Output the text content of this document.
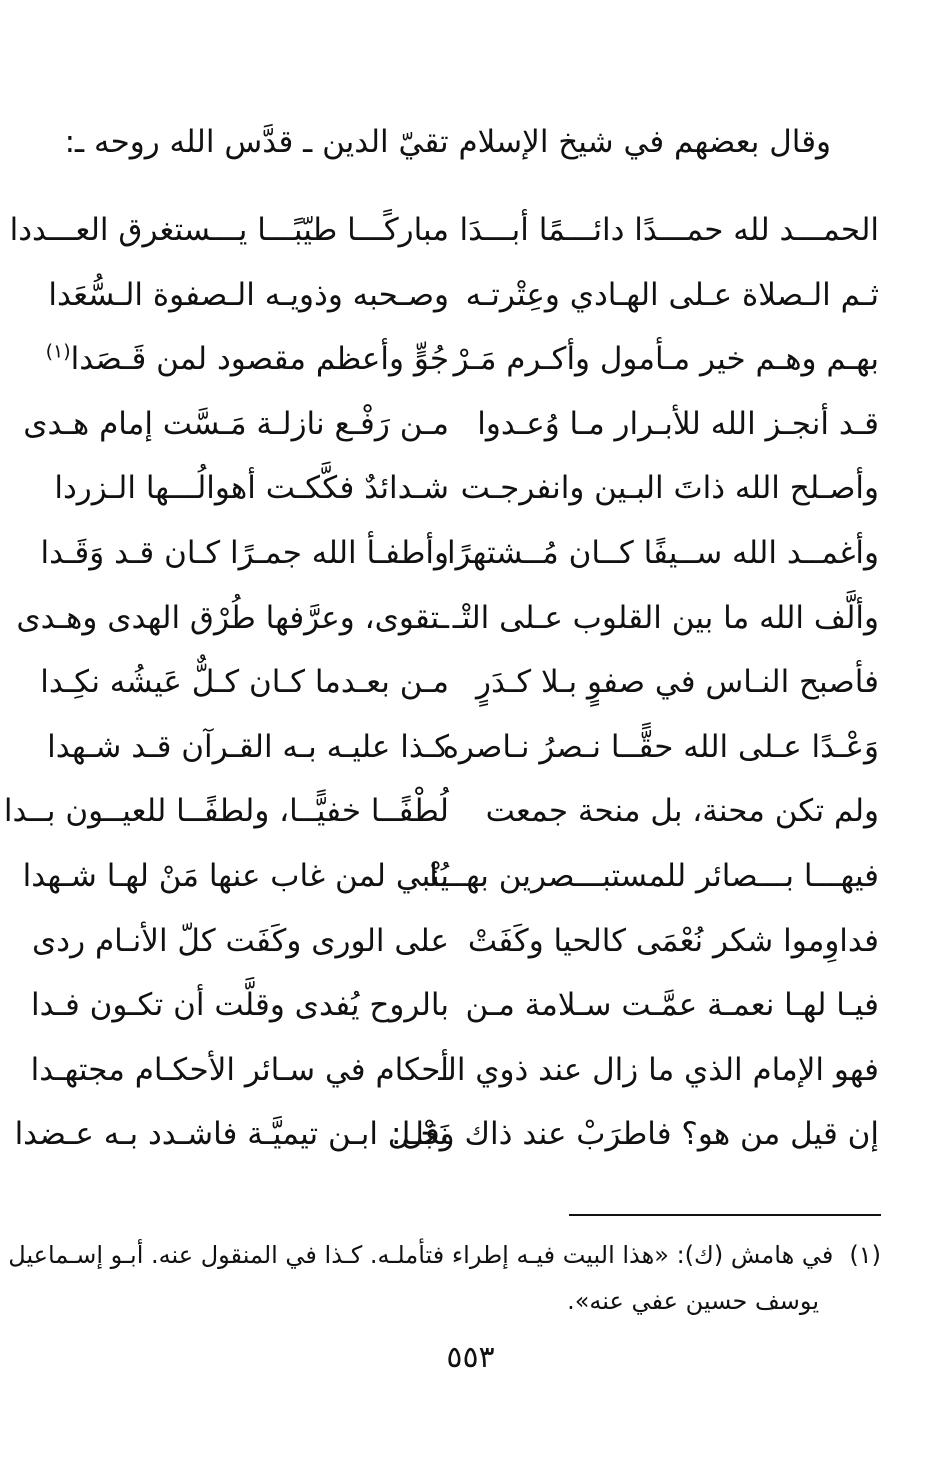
وقال بعضهم في شيخ الإسلام تقيّ الدين ـ قدَّس الله روحه ـ:
الحمـــد لله حمـــدًا دائـــمًا أبـــدَا
مباركًـــا طيّبًـــا يـــستغرق العـــددا
ثـم الـصلاة عـلى الهـادي وعِتْرتـه
وصـحبه وذويـه الـصفوة الـسُّعَدا
بهـم وهـم خير مـأمول وأكـرم مَـرْ
جُوٍّ وأعظم مقصود لمن قَـصَدا$^{(١)}$
قـد أنجـز الله للأبـرار مـا وُعـدوا
مـن رَفْـع نازلـة مَـسَّت إمام هـدى
وأصـلح الله ذاتَ البـين وانفرجـت
شـدائدٌ فكَّكـت أهوالُـــها الـزردا
وأغمــد الله ســيفًا كــان مُــشتهرًا
وأطفـأ الله جمـرًا كـان قـد وَقَـدا
وألَّف الله ما بين القلوب عـلى التْـ
ـتقوى، وعرَّفها طُرْق الهدى وهـدى
فأصبح النـاس في صفوٍ بـلا كـدَرٍ
مـن بعـدما كـان كـلٌّ عَيشُه نكِـدا
وَعْـدًا عـلى الله حقًّــا نـصرُ نـاصره
كـذا عليـه بـه القـرآن قـد شـهدا
ولم تكن محنة، بل منحة جمعت
لُطْفًــا خفيًّــا، ولطفًــا للعيــون بــدا
فيهـــا بـــصائر للمستبـــصرين بهـــا
يُنْبي لمن غاب عنها مَنْ لهـا شـهدا
فداوِموا شكر نُعْمَى كالحيا وكَفَتْ
على الورى وكَفَت كلّ الأنـام ردى
فيـا لهـا نعمـة عمَّـت سـلامة مـن
بالروح يُفدى وقلَّت أن تكـون فـدا
فهو الإمام الذي ما زال عند ذوي الـ
أحكام في سـائر الأحكـام مجتهـدا
إن قيل من هو؟ فاطرَبْ عند ذاك وقل:
نَجْـل ابـن تيميَّـة فاشـدد بـه عـضدا
(١)في هامش (ك): «هذا البيت فيـه إطراء فتأملـه. كـذا في المنقول عنه. أبـو إسـماعيل
يوسف حسين عفي عنه».
٥٥٣
